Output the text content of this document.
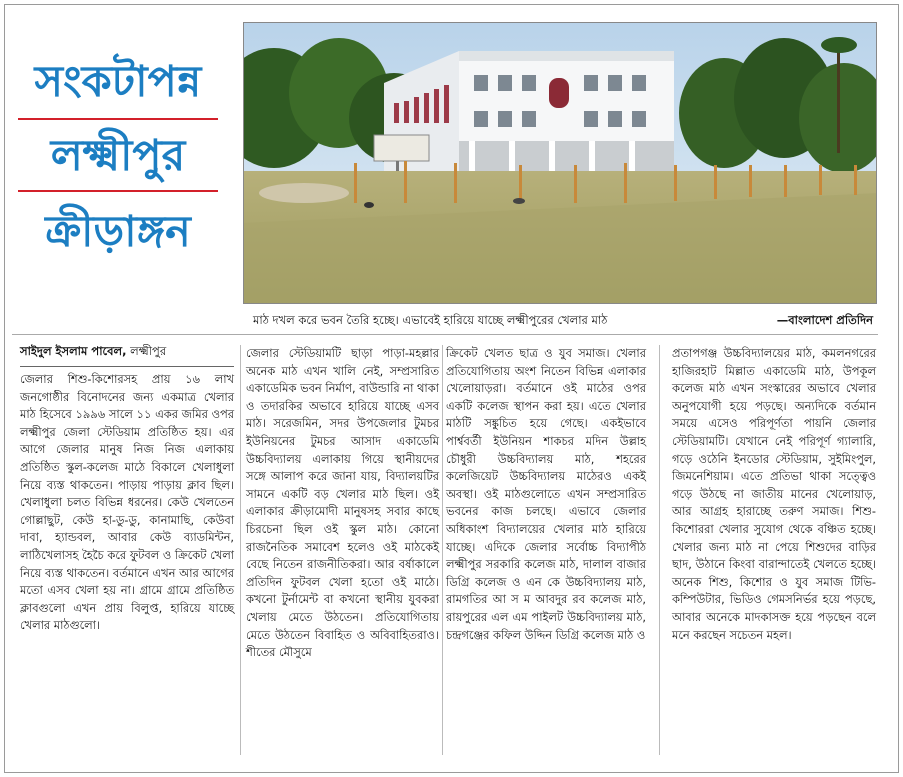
সংকটাপন্ন
লক্ষ্মীপুর
ক্রীড়াঙ্গন
মাঠ দখল করে ভবন তৈরি হচ্ছে। এভাবেই হারিয়ে যাচ্ছে লক্ষ্মীপুরের খেলার মাঠ	—বাংলাদেশ প্রতিদিন
সাইদুল ইসলাম পাবেল, লক্ষ্মীপুর

জেলার শিশু-কিশোরসহ প্রায় ১৬ লাখ জনগোষ্ঠীর বিনোদনের জন্য একমাত্র খেলার মাঠ হিসেবে ১৯৯৬ সালে ১১ একর জমির ওপর লক্ষ্মীপুর জেলা স্টেডিয়াম প্রতিষ্ঠিত হয়। এর আগে জেলার মানুষ নিজ নিজ এলাকায় প্রতিষ্ঠিত স্কুল-কলেজ মাঠে বিকালে খেলাধুলা নিয়ে ব্যস্ত থাকতেন। পাড়ায় পাড়ায় ক্লাব ছিল। খেলাধুলা চলত বিভিন্ন ধরনের। কেউ খেলতেন গোল্লাছুট, কেউ হা-ডু-ডু, কানামাছি, কেউবা দাবা, হ্যান্ডবল, আবার কেউ ব্যাডমিন্টন, লাঠিখেলাসহ হৈচৈ করে ফুটবল ও ক্রিকেট খেলা নিয়ে ব্যস্ত থাকতেন। বর্তমানে এখন আর আগের মতো এসব খেলা হয় না। গ্রামে গ্রামে প্রতিষ্ঠিত ক্লাবগুলো এখন প্রায় বিলুপ্ত, হারিয়ে যাচ্ছে খেলার মাঠগুলো।

জেলার স্টেডিয়ামটি ছাড়া পাড়া-মহল্লার অনেক মাঠ এখন খালি নেই, সম্প্রসারিত একাডেমিক ভবন নির্মাণ, বাউন্ডারি না থাকা ও তদারকির অভাবে হারিয়ে যাচ্ছে এসব মাঠ। সরেজমিন, সদর উপজেলার টুমচর ইউনিয়নের টুমচর আসাদ একাডেমি উচ্চবিদ্যালয় এলাকায় গিয়ে স্থানীয়দের সঙ্গে আলাপ করে জানা যায়, বিদ্যালয়টির সামনে একটি বড় খেলার মাঠ ছিল। ওই এলাকার ক্রীড়ামোদী মানুষসহ সবার কাছে চিরচেনা ছিল ওই স্কুল মাঠ। কোনো রাজনৈতিক সমাবেশ হলেও ওই মাঠকেই বেছে নিতেন রাজনীতিকরা। আর বর্ষাকালে প্রতিদিন ফুটবল খেলা হতো ওই মাঠে। কখনো টুর্নামেন্ট বা কখনো স্থানীয় যুবকরা খেলায় মেতে উঠতেন। প্রতিযোগিতায় মেতে উঠতেন বিবাহিত ও অবিবাহিতরাও। শীতের মৌসুমে

ক্রিকেট খেলত ছাত্র ও যুব সমাজ। খেলার প্রতিযোগিতায় অংশ নিতেন বিভিন্ন এলাকার খেলোয়াড়রা। বর্তমানে ওই মাঠের ওপর একটি কলেজ স্থাপন করা হয়। এতে খেলার মাঠটি সঙ্কুচিত হয়ে গেছে। একইভাবে পার্শ্ববর্তী ইউনিয়ন শাকচর মদিন উল্লাহ চৌধুরী উচ্চবিদ্যালয় মাঠ, শহরের কলেজিয়েট উচ্চবিদ্যালয় মাঠেরও একই অবস্থা। ওই মাঠগুলোতে এখন সম্প্রসারিত ভবনের কাজ চলছে। এভাবে জেলার অধিকাংশ বিদ্যালয়ের খেলার মাঠ হারিয়ে যাচ্ছে। এদিকে জেলার সর্বোচ্চ বিদ্যাপীঠ লক্ষ্মীপুর সরকারি কলেজ মাঠ, দালাল বাজার ডিগ্রি কলেজ ও এন কে উচ্চবিদ্যালয় মাঠ, রামগতির আ স ম আবদুর রব কলেজ মাঠ, রায়পুরের এল এম পাইলট উচ্চবিদ্যালয় মাঠ, চন্দ্রগঞ্জের কফিল উদ্দিন ডিগ্রি কলেজ মাঠ ও

প্রতাপগঞ্জ উচ্চবিদ্যালয়ের মাঠ, কমলনগরের হাজিরহাট মিল্লাত একাডেমি মাঠ, উপকূল কলেজ মাঠ এখন সংস্কারের অভাবে খেলার অনুপযোগী হয়ে পড়ছে। অন্যদিকে বর্তমান সময়ে এসেও পরিপূর্ণতা পায়নি জেলার স্টেডিয়ামটি। যেখানে নেই পরিপূর্ণ গ্যালারি, গড়ে ওঠেনি ইনডোর স্টেডিয়াম, সুইমিংপুল, জিমনেশিয়াম। এতে প্রতিভা থাকা সত্ত্বেও গড়ে উঠছে না জাতীয় মানের খেলোয়াড়, আর আগ্রহ হারাচ্ছে তরুণ সমাজ। শিশু-কিশোররা খেলার সুযোগ থেকে বঞ্চিত হচ্ছে। খেলার জন্য মাঠ না পেয়ে শিশুদের বাড়ির ছাদ, উঠানে কিংবা বারান্দাতেই খেলতে হচ্ছে। অনেক শিশু, কিশোর ও যুব সমাজ টিভি-কম্পিউটার, ভিডিও গেমসনির্ভর হয়ে পড়ছে, আবার অনেকে মাদকাসক্ত হয়ে পড়ছেন বলে মনে করছেন সচেতন মহল।
